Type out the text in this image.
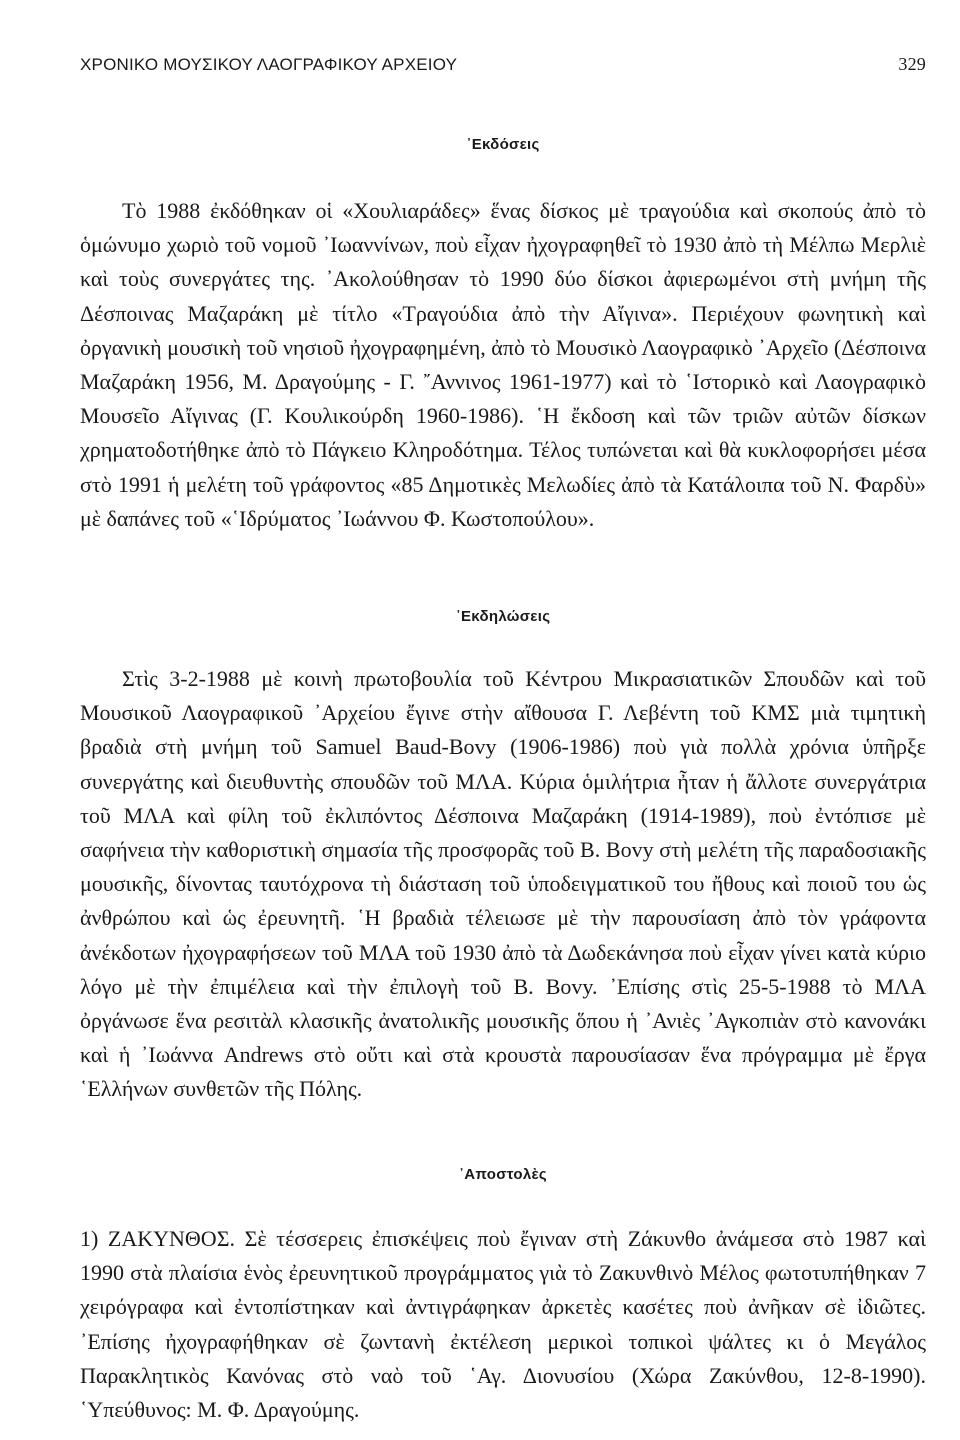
ΧΡΟΝΙΚΟ ΜΟΥΣΙΚΟΥ ΛΑΟΓΡΑΦΙΚΟΥ ΑΡΧΕΙΟΥ	329
᾿Εκδόσεις

Τὸ 1988 ἐκδόθηκαν οἱ «Χουλιαράδες» ἕνας δίσκος μὲ τραγούδια καὶ σκοπούς ἀπὸ τὸ ὁμώνυμο χωριὸ τοῦ νομοῦ ᾿Ιωαννίνων, ποὺ εἶχαν ἠχογραφηθεῖ τὸ 1930 ἀπὸ τὴ Μέλπω Μερλιὲ καὶ τοὺς συνεργάτες της. ᾿Ακολούθησαν τὸ 1990 δύο δίσκοι ἀφιερωμένοι στὴ μνήμη τῆς Δέσποινας Μαζαράκη μὲ τίτλο «Τραγούδια ἀπὸ τὴν Αἴγινα». Περιέχουν φωνητικὴ καὶ ὀργανικὴ μουσικὴ τοῦ νησιοῦ ἠχογραφημένη, ἀπὸ τὸ Μουσικὸ Λαογραφικὸ ᾿Αρχεῖο (Δέσποινα Μαζαράκη 1956, Μ. Δραγούμης - Γ. ῎Αννινος 1961-1977) καὶ τὸ ῾Ιστορικὸ καὶ Λαογραφικὸ Μουσεῖο Αἴγινας (Γ. Κουλικούρδη 1960-1986). ῾Η ἔκδοση καὶ τῶν τριῶν αὐτῶν δίσκων χρηματοδοτήθηκε ἀπὸ τὸ Πάγκειο Κληροδότημα. Τέλος τυπώνεται καὶ θὰ κυκλοφορήσει μέσα στὸ 1991 ἡ μελέτη τοῦ γράφοντος «85 Δημοτικὲς Μελωδίες ἀπὸ τὰ Κατάλοιπα τοῦ Ν. Φαρδὺ» μὲ δαπάνες τοῦ «῾Ιδρύματος ᾿Ιωάννου Φ. Κωστοπούλου».

᾿Εκδηλώσεις

Στὶς 3-2-1988 μὲ κοινὴ πρωτοβουλία τοῦ Κέντρου Μικρασιατικῶν Σπουδῶν καὶ τοῦ Μουσικοῦ Λαογραφικοῦ ᾿Αρχείου ἔγινε στὴν αἴθουσα Γ. Λεβέντη τοῦ ΚΜΣ μιὰ τιμητικὴ βραδιὰ στὴ μνήμη τοῦ Samuel Baud-Bovy (1906-1986) ποὺ γιὰ πολλὰ χρόνια ὑπῆρξε συνεργάτης καὶ διευθυντὴς σπουδῶν τοῦ ΜΛΑ. Κύρια ὁμιλήτρια ἦταν ἡ ἄλλοτε συνεργάτρια τοῦ ΜΛΑ καὶ φίλη τοῦ ἐκλιπόντος Δέσποινα Μαζαράκη (1914-1989), ποὺ ἐντόπισε μὲ σαφήνεια τὴν καθοριστικὴ σημασία τῆς προσφορᾶς τοῦ Β. Bovy στὴ μελέτη τῆς παραδοσιακῆς μουσικῆς, δίνοντας ταυτόχρονα τὴ διάσταση τοῦ ὑποδειγματικοῦ του ἤθους καὶ ποιοῦ του ὡς ἀνθρώπου καὶ ὡς ἐρευνητῆ. ῾Η βραδιὰ τέλειωσε μὲ τὴν παρουσίαση ἀπὸ τὸν γράφοντα ἀνέκδοτων ἠχογραφήσεων τοῦ ΜΛΑ τοῦ 1930 ἀπὸ τὰ Δωδεκάνησα ποὺ εἶχαν γίνει κατὰ κύριο λόγο μὲ τὴν ἐπιμέλεια καὶ τὴν ἐπιλογὴ τοῦ Β. Bovy. ᾿Επίσης στὶς 25-5-1988 τὸ ΜΛΑ ὀργάνωσε ἕνα ρεσιτὰλ κλασικῆς ἀνατολικῆς μουσικῆς ὅπου ἡ ᾿Ανιὲς ᾿Αγκοπιὰν στὸ κανονάκι καὶ ἡ ᾿Ιωάννα Andrews στὸ οὔτι καὶ στὰ κρουστὰ παρουσίασαν ἕνα πρόγραμμα μὲ ἔργα ῾Ελλήνων συνθετῶν τῆς Πόλης.

᾿Αποστολὲς

1) ΖΑΚΥΝΘΟΣ. Σὲ τέσσερεις ἐπισκέψεις ποὺ ἔγιναν στὴ Ζάκυνθο ἀνάμεσα στὸ 1987 καὶ 1990 στὰ πλαίσια ἑνὸς ἐρευνητικοῦ προγράμματος γιὰ τὸ Ζακυνθινὸ Μέλος φωτοτυπήθηκαν 7 χειρόγραφα καὶ ἐντοπίστηκαν καὶ ἀντιγράφηκαν ἀρκετὲς κασέτες ποὺ ἀνῆκαν σὲ ἰδιῶτες. ᾿Επίσης ἠχογραφήθηκαν σὲ ζωντανὴ ἐκτέλεση μερικοὶ τοπικοὶ ψάλτες κι ὁ Μεγάλος Παρακλητικὸς Κανόνας στὸ ναὸ τοῦ ῾Αγ. Διονυσίου (Χώρα Ζακύνθου, 12-8-1990). ῾Υπεύθυνος: Μ. Φ. Δραγούμης.
